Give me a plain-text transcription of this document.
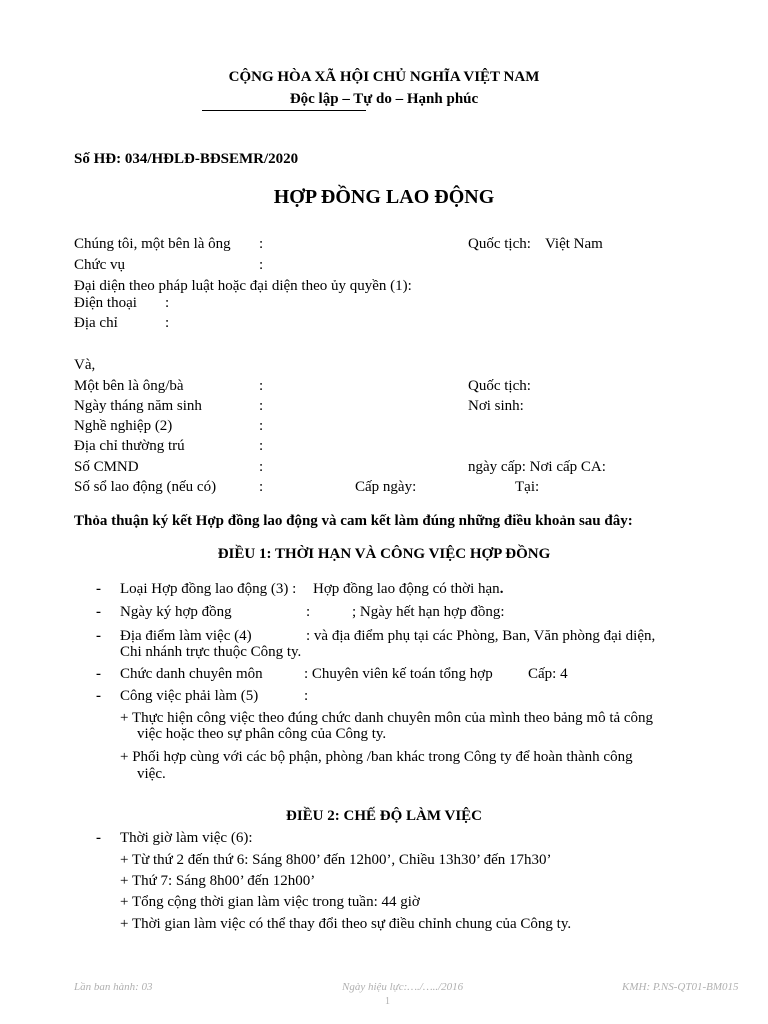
CỘNG HÒA XÃ HỘI CHỦ NGHĨA VIỆT NAM
Độc lập – Tự do – Hạnh phúc
Số HĐ: 034/HĐLĐ-BĐSEMR/2020
HỢP ĐỒNG LAO ĐỘNG
Chúng tôi, một bên là ông :	Quốc tịch: Việt Nam
Chức vụ	:
Đại diện theo pháp luật hoặc đại diện theo ủy quyền (1):
Điện thoại :
Địa chỉ	:
Và,
Một bên là ông/bà	:	Quốc tịch:
Ngày tháng năm sinh	:	Nơi sinh:
Nghề nghiệp (2)	:
Địa chỉ thường trú	:
Số CMND	:	ngày cấp: Nơi cấp CA:
Số sổ lao động (nếu có)	:	Cấp ngày:	Tại:
Thỏa thuận ký kết Hợp đồng lao động và cam kết làm đúng những điều khoản sau đây:
ĐIỀU 1: THỜI HẠN VÀ CÔNG VIỆC HỢP ĐỒNG
-	Loại Hợp đồng lao động (3) : Hợp đồng lao động có thời hạn.
-	Ngày ký hợp đồng	:	; Ngày hết hạn hợp đồng:
-	Địa điểm làm việc (4)	: và địa điểm phụ tại các Phòng, Ban, Văn phòng đại diện,
Chi nhánh trực thuộc Công ty.
-	Chức danh chuyên môn	: Chuyên viên kế toán tổng hợp Cấp: 4
-	Công việc phải làm (5)	:
+ Thực hiện công việc theo đúng chức danh chuyên môn của mình theo bảng mô tả công
việc hoặc theo sự phân công của Công ty.
+ Phối hợp cùng với các bộ phận, phòng /ban khác trong Công ty để hoàn thành công
việc.
ĐIỀU 2: CHẾ ĐỘ LÀM VIỆC
-	Thời giờ làm việc (6):
+ Từ thứ 2 đến thứ 6: Sáng 8h00’ đến 12h00’, Chiều 13h30’ đến 17h30’
+ Thứ 7: Sáng 8h00’ đến 12h00’
+ Tổng cộng thời gian làm việc trong tuần: 44 giờ
+ Thời gian làm việc có thể thay đổi theo sự điều chỉnh chung của Công ty.
Lần ban hành: 03	Ngày hiệu lực:…./…../2016	KMH: P.NS-QT01-BM015
1
